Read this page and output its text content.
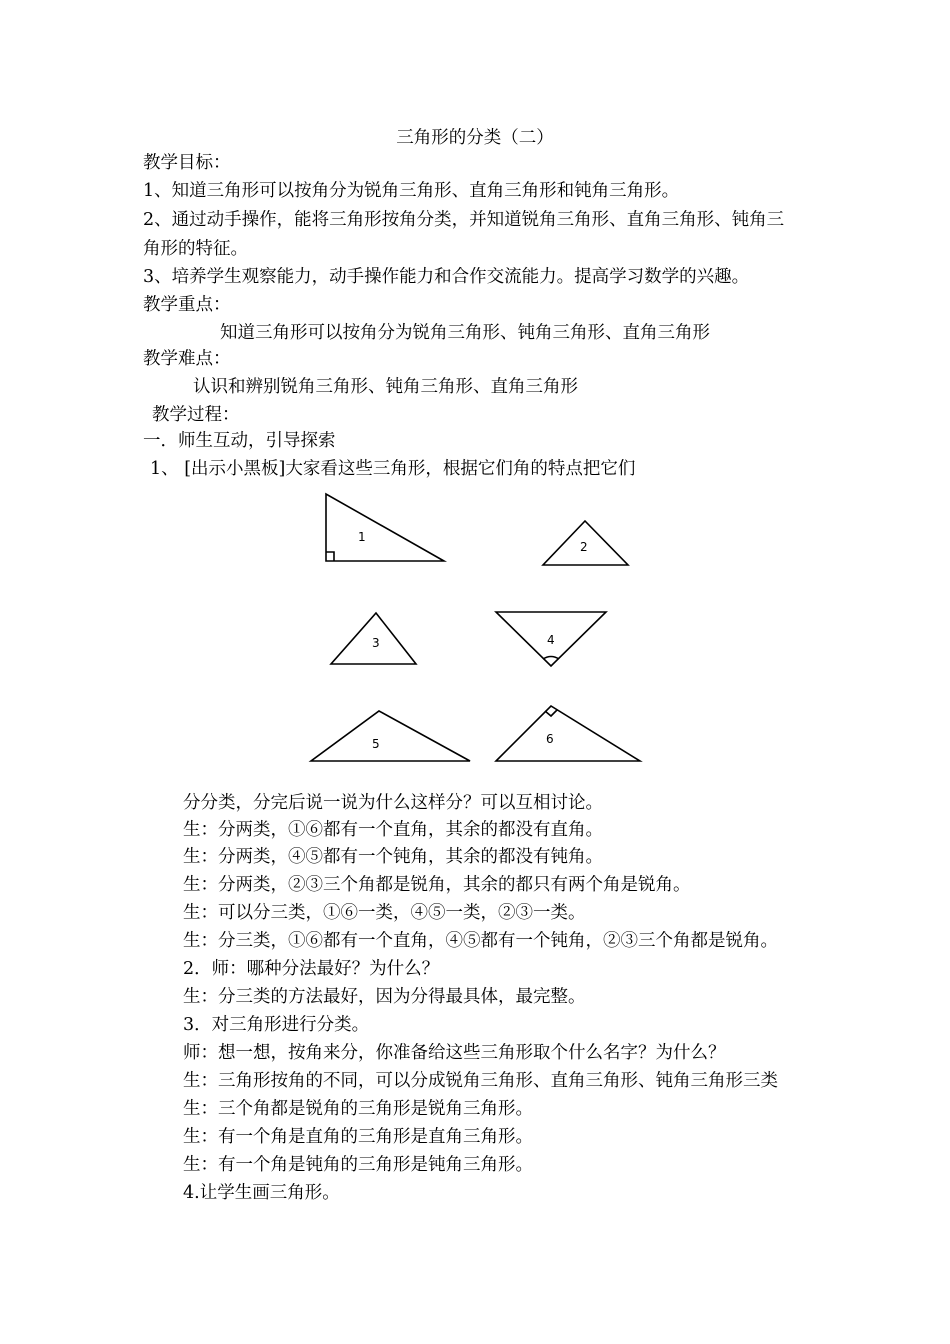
三角形的分类（二）
教学目标：
1、知道三角形可以按角分为锐角三角形、直角三角形和钝角三角形。
2、通过动手操作，能将三角形按角分类，并知道锐角三角形、直角三角形、钝角三
角形的特征。
3、培养学生观察能力，动手操作能力和合作交流能力。提高学习数学的兴趣。
教学重点：
知道三角形可以按角分为锐角三角形、钝角三角形、直角三角形
教学难点：
认识和辨别锐角三角形、钝角三角形、直角三角形
教学过程：
一．师生互动，引导探索
1、 [出示小黑板]大家看这些三角形，根据它们角的特点把它们
1
2
3	4
5	6
分分类，分完后说一说为什么这样分？可以互相讨论。
生：分两类，①⑥都有一个直角，其余的都没有直角。
生：分两类，④⑤都有一个钝角，其余的都没有钝角。
生：分两类，②③三个角都是锐角，其余的都只有两个角是锐角。
生：可以分三类，①⑥一类，④⑤一类，②③一类。
生：分三类，①⑥都有一个直角，④⑤都有一个钝角，②③三个角都是锐角。
2．师：哪种分法最好？为什么？
生：分三类的方法最好，因为分得最具体，最完整。
3．对三角形进行分类。
师：想一想，按角来分，你准备给这些三角形取个什么名字？为什么？
生：三角形按角的不同，可以分成锐角三角形、直角三角形、钝角三角形三类
生：三个角都是锐角的三角形是锐角三角形。
生：有一个角是直角的三角形是直角三角形。
生：有一个角是钝角的三角形是钝角三角形。
4.让学生画三角形。
